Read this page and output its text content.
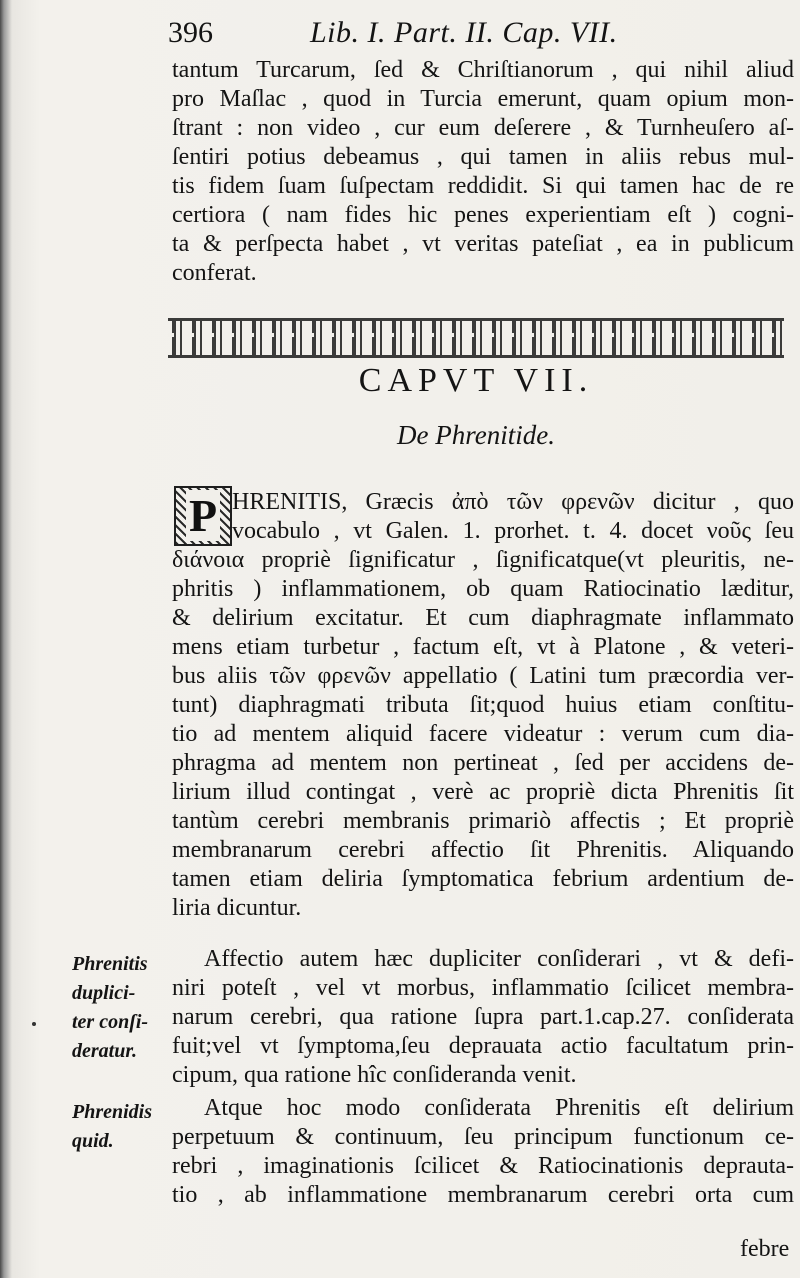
396	Lib. I. Part. II. Cap. VII.
tantum Turcarum, ſed & Chriſtianorum , qui nihil aliud
pro Maſlac , quod in Turcia emerunt, quam opium mon-
ſtrant : non video , cur eum deſerere , & Turnheuſero aſ-
ſentiri potius debeamus , qui tamen in aliis rebus mul-
tis fidem ſuam ſuſpectam reddidit. Si qui tamen hac de re
certiora ( nam fides hic penes experientiam eſt ) cogni-
ta & perſpecta habet , vt veritas pateſiat , ea in publicum
conferat.
CAPVT VII.
De Phrenitide.
P HRENITIS, Græcis ἀπὸ τῶν φρενῶν dicitur , quo
vocabulo , vt Galen. 1. prorhet. t. 4. docet νοῦς ſeu
διάνοια propriè ſignificatur , ſignificatque(vt pleuritis, ne-
phritis ) inflammationem, ob quam Ratiocinatio læditur,
& delirium excitatur. Et cum diaphragmate inflammato
mens etiam turbetur , factum eſt, vt à Platone , & veteri-
bus aliis τῶν φρενῶν appellatio ( Latini tum præcordia ver-
tunt) diaphragmati tributa ſit;quod huius etiam conſtitu-
tio ad mentem aliquid facere videatur : verum cum dia-
phragma ad mentem non pertineat , ſed per accidens de-
lirium illud contingat , verè ac propriè dicta Phrenitis ſit
tantùm cerebri membranis primariò affectis ; Et propriè
membranarum cerebri affectio ſit Phrenitis. Aliquando
tamen etiam deliria ſymptomatica febrium ardentium de-
liria dicuntur.
Phrenitis
duplici-
ter conſi-
deratur.
Affectio autem hæc dupliciter conſiderari , vt & defi-
niri poteſt , vel vt morbus, inflammatio ſcilicet membra-
narum cerebri, qua ratione ſupra part.1.cap.27. conſiderata
fuit;vel vt ſymptoma,ſeu deprauata actio facultatum prin-
cipum, qua ratione hîc conſideranda venit.
Phrenidis
quid.
Atque hoc modo conſiderata Phrenitis eſt delirium
perpetuum & continuum, ſeu principum functionum ce-
rebri , imaginationis ſcilicet & Ratiocinationis deprauta-
tio , ab inflammatione membranarum cerebri orta cum
febre
